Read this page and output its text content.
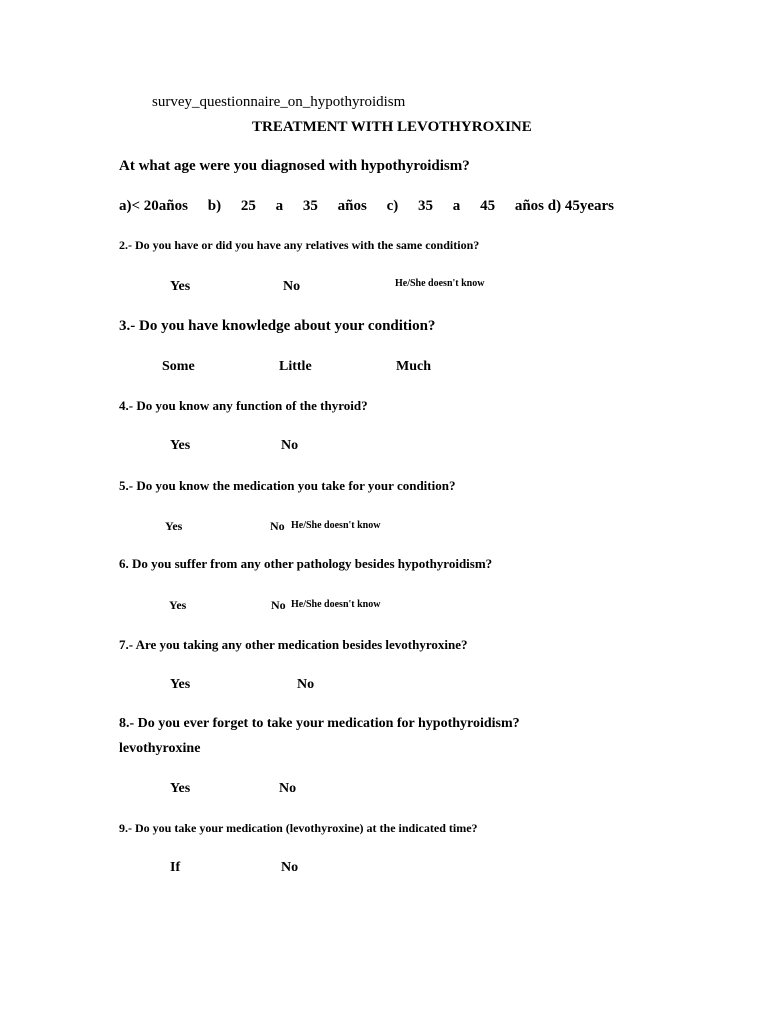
survey_questionnaire_on_hypothyroidism
TREATMENT WITH LEVOTHYROXINE
At what age were you diagnosed with hypothyroidism?
a)< 20años b) 25 a 35 años c) 35 a 45 años d) 45years
2.- Do you have or did you have any relatives with the same condition?
Yes	No	He/She doesn't know
3.- Do you have knowledge about your condition?
Some	Little	Much
4.- Do you know any function of the thyroid?
Yes	No
5.- Do you know the medication you take for your condition?
Yes	No He/She doesn't know
6. Do you suffer from any other pathology besides hypothyroidism?
Yes	No He/She doesn't know
7.- Are you taking any other medication besides levothyroxine?
Yes	No
8.- Do you ever forget to take your medication for hypothyroidism?
levothyroxine
Yes	No
9.- Do you take your medication (levothyroxine) at the indicated time?
If	No
